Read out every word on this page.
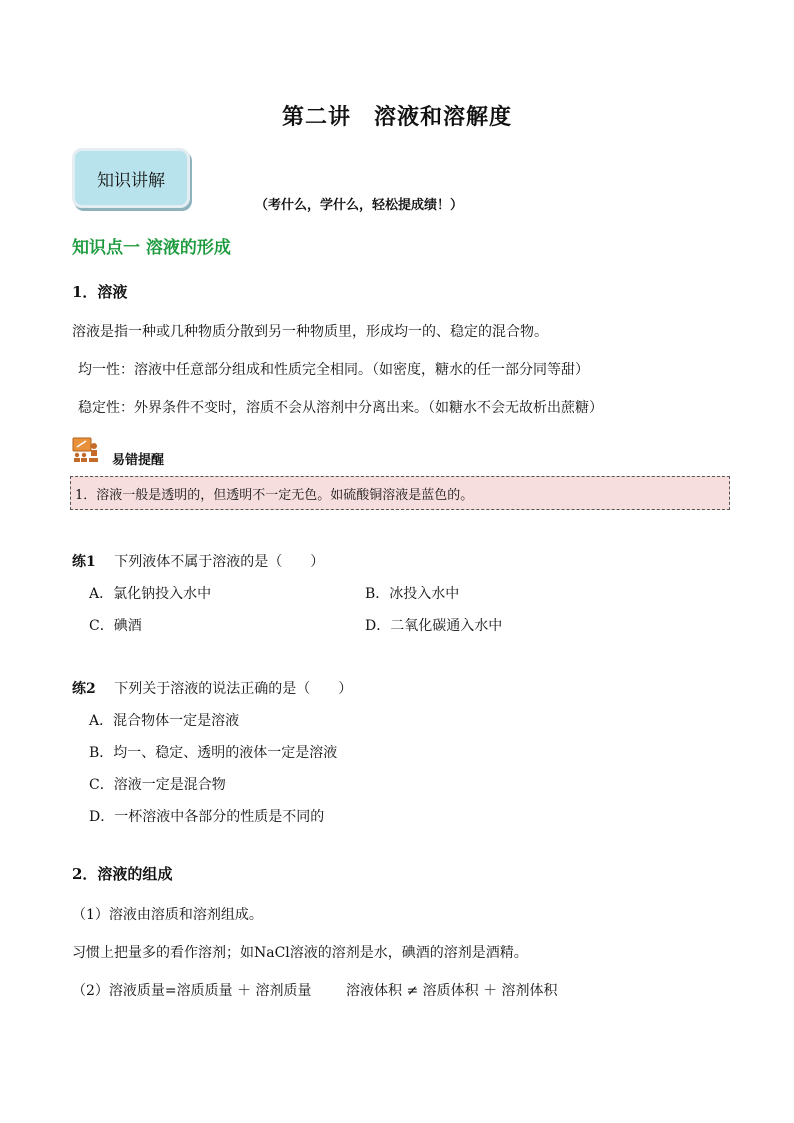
第二讲　溶液和溶解度
知识讲解
（考什么，学什么，轻松提成绩！）
知识点一 溶液的形成
1．溶液
溶液是指一种或几种物质分散到另一种物质里，形成均一的、稳定的混合物。
均一性：溶液中任意部分组成和性质完全相同。（如密度，糖水的任一部分同等甜）
稳定性：外界条件不变时，溶质不会从溶剂中分离出来。（如糖水不会无故析出蔗糖）
易错提醒
1．溶液一般是透明的，但透明不一定无色。如硫酸铜溶液是蓝色的。
练1 下列液体不属于溶液的是（　　）
A．氯化钠投入水中	B．冰投入水中
C．碘酒	D．二氧化碳通入水中
练2 下列关于溶液的说法正确的是（　　）
A．混合物体一定是溶液
B．均一、稳定、透明的液体一定是溶液
C．溶液一定是混合物
D．一杯溶液中各部分的性质是不同的
2．溶液的组成
（1）溶液由溶质和溶剂组成。
习惯上把量多的看作溶剂；如NaCl溶液的溶剂是水，碘酒的溶剂是酒精。
（2）溶液质量=溶质质量 ＋ 溶剂质量 溶液体积 ≠ 溶质体积 ＋ 溶剂体积
